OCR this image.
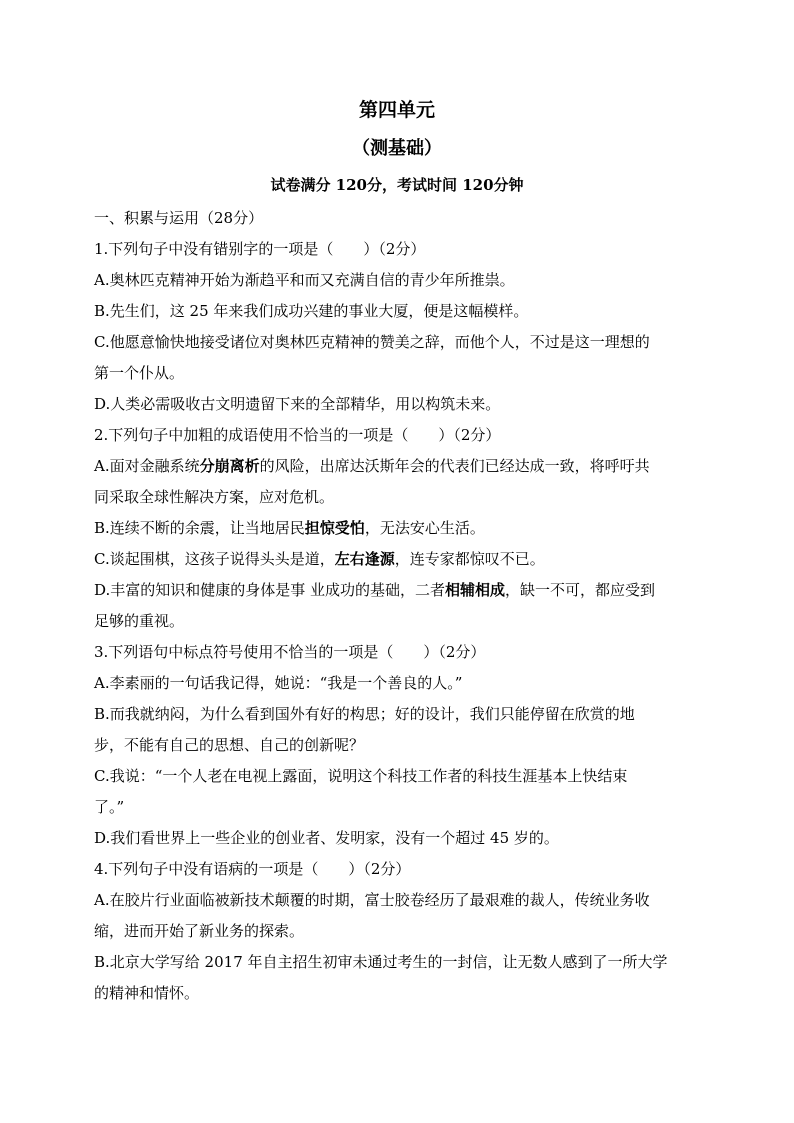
第四单元
（测基础）
试卷满分 120分，考试时间 120分钟
一、积累与运用（28分）
1.下列句子中没有错别字的一项是（　　）（2分）
A.奥林匹克精神开始为渐趋平和而又充满自信的青少年所推祟。
B.先生们，这 25 年来我们成功兴建的事业大厦，便是这幅模样。
C.他愿意愉快地接受诸位对奥林匹克精神的赞美之辞，而他个人，不过是这一理想的
第一个仆从。
D.人类必需吸收古文明遗留下来的全部精华，用以构筑未来。
2.下列句子中加粗的成语使用不恰当的一项是（　　）（2分）
A.面对金融系统分崩离析的风险，出席达沃斯年会的代表们已经达成一致，将呼吁共
同采取全球性解决方案，应对危机。
B.连续不断的余震，让当地居民担惊受怕，无法安心生活。
C.谈起围棋，这孩子说得头头是道，左右逢源，连专家都惊叹不已。
D.丰富的知识和健康的身体是事 业成功的基础，二者相辅相成，缺一不可，都应受到
足够的重视。
3.下列语句中标点符号使用不恰当的一项是（　　）（2分）
A.李素丽的一句话我记得，她说：“我是一个善良的人。”
B.而我就纳闷，为什么看到国外有好的构思；好的设计，我们只能停留在欣赏的地
步，不能有自己的思想、自己的创新呢？
C.我说：“一个人老在电视上露面，说明这个科技工作者的科技生涯基本上快结束
了。”
D.我们看世界上一些企业的创业者、发明家，没有一个超过 45 岁的。
4.下列句子中没有语病的一项是（　　）（2分）
A.在胶片行业面临被新技术颠覆的时期，富士胶卷经历了最艰难的裁人，传统业务收
缩，进而开始了新业务的探索。
B.北京大学写给 2017 年自主招生初审未通过考生的一封信，让无数人感到了一所大学
的精神和情怀。
